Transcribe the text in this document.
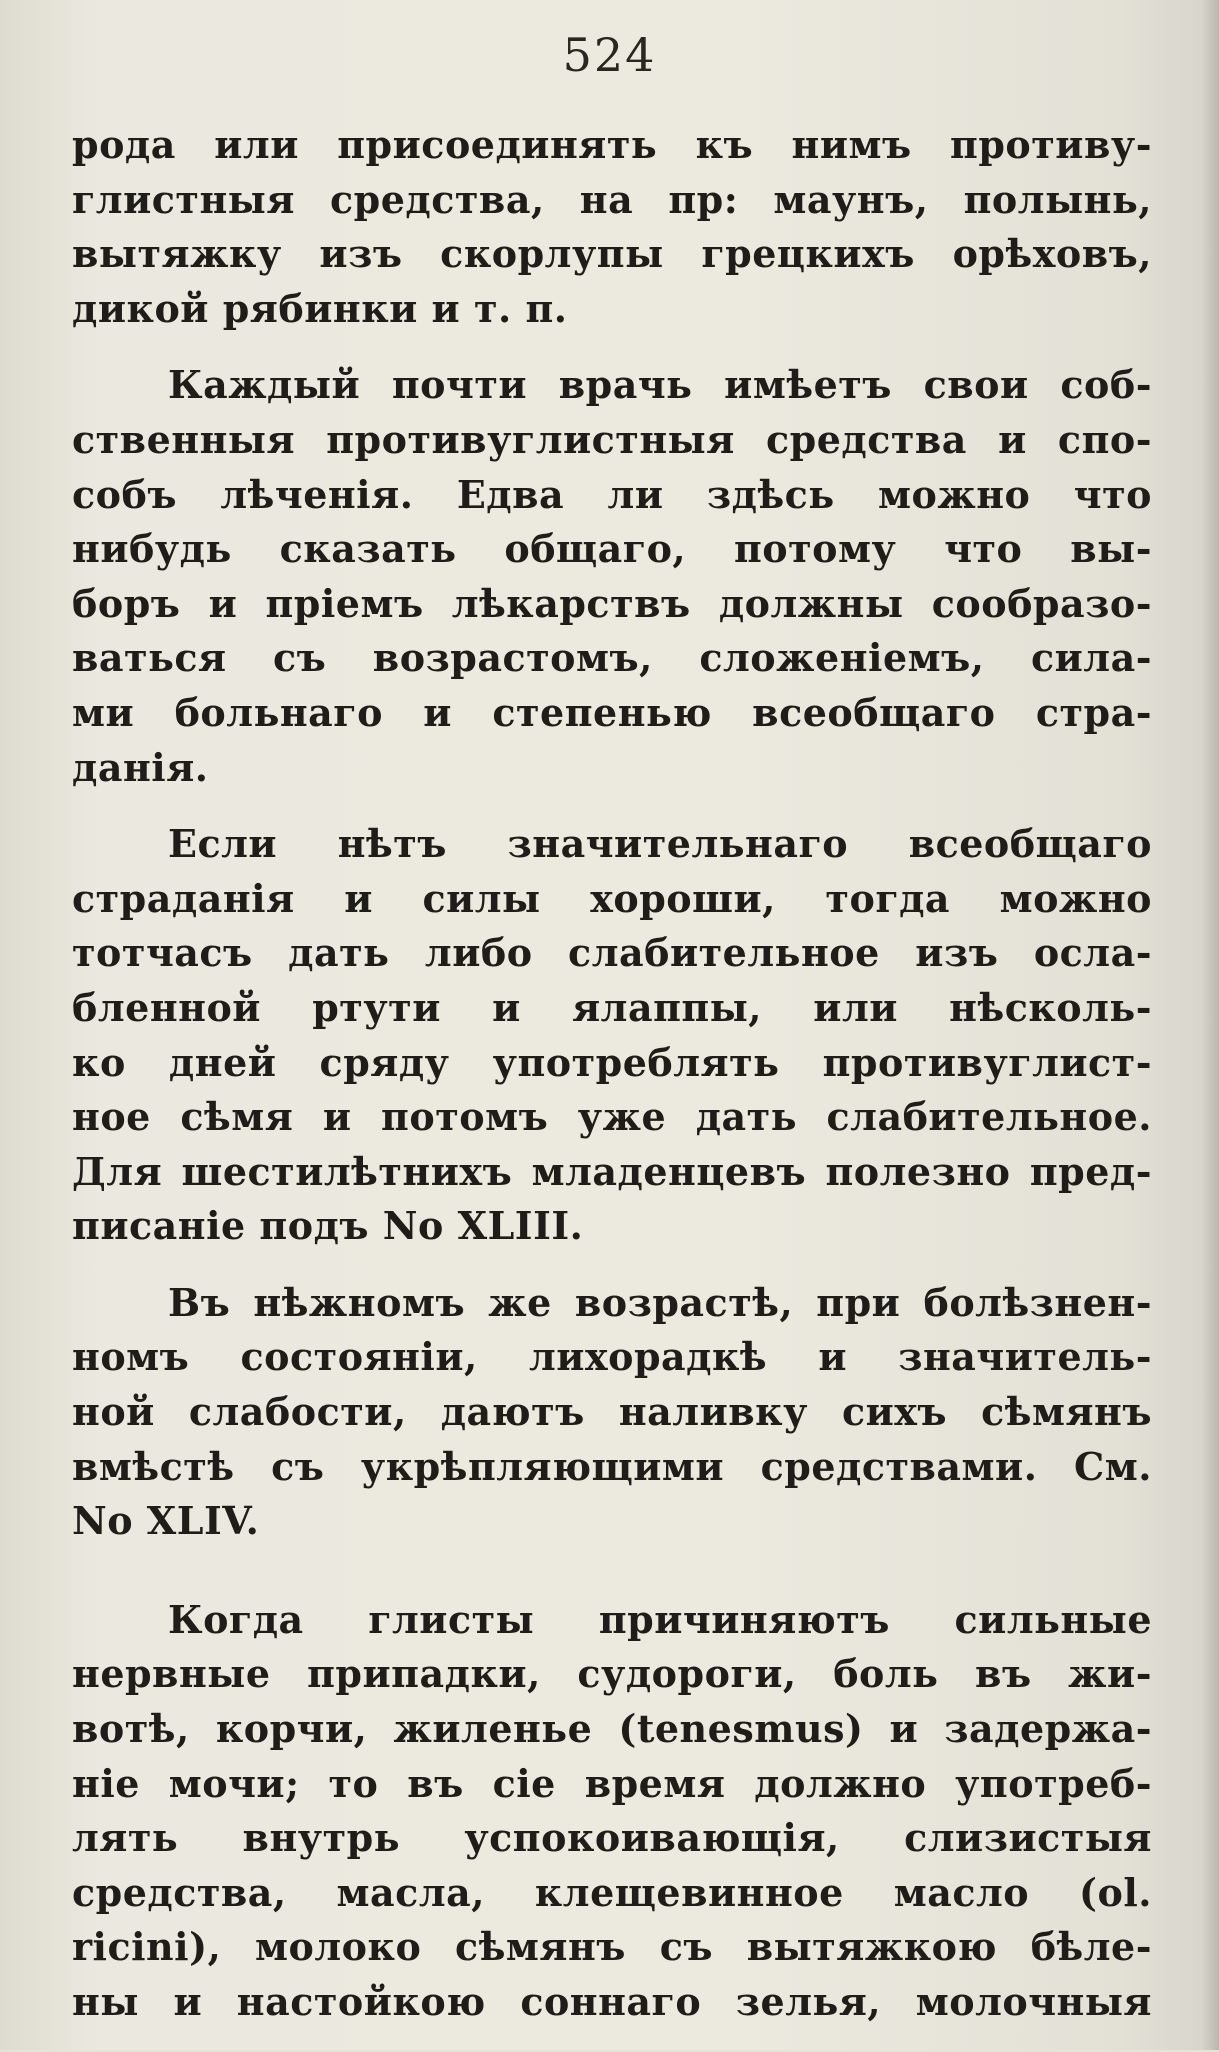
524
рода или присоединять къ нимъ противу-
глистныя средства, на пр: маунъ, полынь,
вытяжку изъ скорлупы грецкихъ орѣховъ,
дикой рябинки и т. п.
Каждый почти врачь имѣетъ свои соб-
ственныя противуглистныя средства и спо-
собъ лѣченія. Едва ли здѣсь можно что
нибудь сказать общаго, потому что вы-
боръ и пріемъ лѣкарствъ должны сообразо-
ваться съ возрастомъ, сложеніемъ, сила-
ми больнаго и степенью всеобщаго стра-
данія.
Если нѣтъ значительнаго всеобщаго
страданія и силы хороши, тогда можно
тотчасъ дать либо слабительное изъ осла-
бленной ртути и ялаппы, или нѣсколь-
ко дней сряду употреблять противуглист-
ное сѣмя и потомъ уже дать слабительное.
Для шестилѣтнихъ младенцевъ полезно пред-
писаніе подъ No XLIII.
Въ нѣжномъ же возрастѣ, при болѣзнен-
номъ состояніи, лихорадкѣ и значитель-
ной слабости, даютъ наливку сихъ сѣмянъ
вмѣстѣ съ укрѣпляющими средствами. См.
No XLIV.
Когда глисты причиняютъ сильные
нервные припадки, судороги, боль въ жи-
вотѣ, корчи, жиленье (tenesmus) и задержа-
ніе мочи; то въ сіе время должно употреб-
лять внутрь успокоивающія, слизистыя
средства, масла, клещевинное масло (ol.
ricini), молоко сѣмянъ съ вытяжкою бѣле-
ны и настойкою соннаго зелья, молочныя
